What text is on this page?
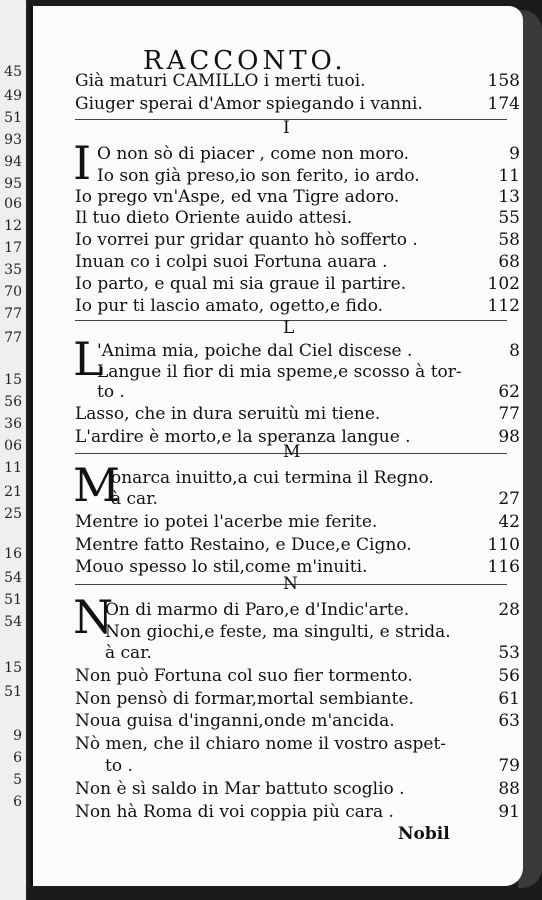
45
49
51
93
94
95
06
12
17
35
70
77
77
15
56
36
06
11
21
25
16
54
51
54
15
51
9
6
5
6
RACCONTO.
Già maturi CAMILLO i merti tuoi.	158
Giuger sperai d'Amor spiegando i vanni.	174
I
I O non sò di piacer , come non moro.	9
Io son già preso,io son ferito, io ardo.	11
Io prego vn'Aspe, ed vna Tigre adoro.	13
Il tuo dieto Oriente auido attesi.	55
Io vorrei pur gridar quanto hò sofferto .	58
Inuan co i colpi suoi Fortuna auara .	68
Io parto, e qual mi sia graue il partire.	102
Io pur ti lascio amato, ogetto,e fido.	112
L
L
'Anima mia, poiche dal Ciel discese .	8
Langue il fior di mia speme,e scosso à tor-
to .	62
Lasso, che in dura seruitù mi tiene.	77
L'ardire è morto,e la speranza langue .	98
M
M
onarca inuitto,a cui termina il Regno.
à car.	27
Mentre io potei l'acerbe mie ferite.	42
Mentre fatto Restaino, e Duce,e Cigno.	110
Mouo spesso lo stil,come m'inuiti.	116
N
N
On di marmo di Paro,e d'Indic'arte.	28
Non giochi,e feste, ma singulti, e strida.
à car.	53
Non può Fortuna col suo fier tormento.	56
Non pensò di formar,mortal sembiante.	61
Noua guisa d'inganni,onde m'ancida.	63
Nò men, che il chiaro nome il vostro aspet-
to .	79
Non è sì saldo in Mar battuto scoglio .	88
Non hà Roma di voi coppia più cara .	91
Nobil
